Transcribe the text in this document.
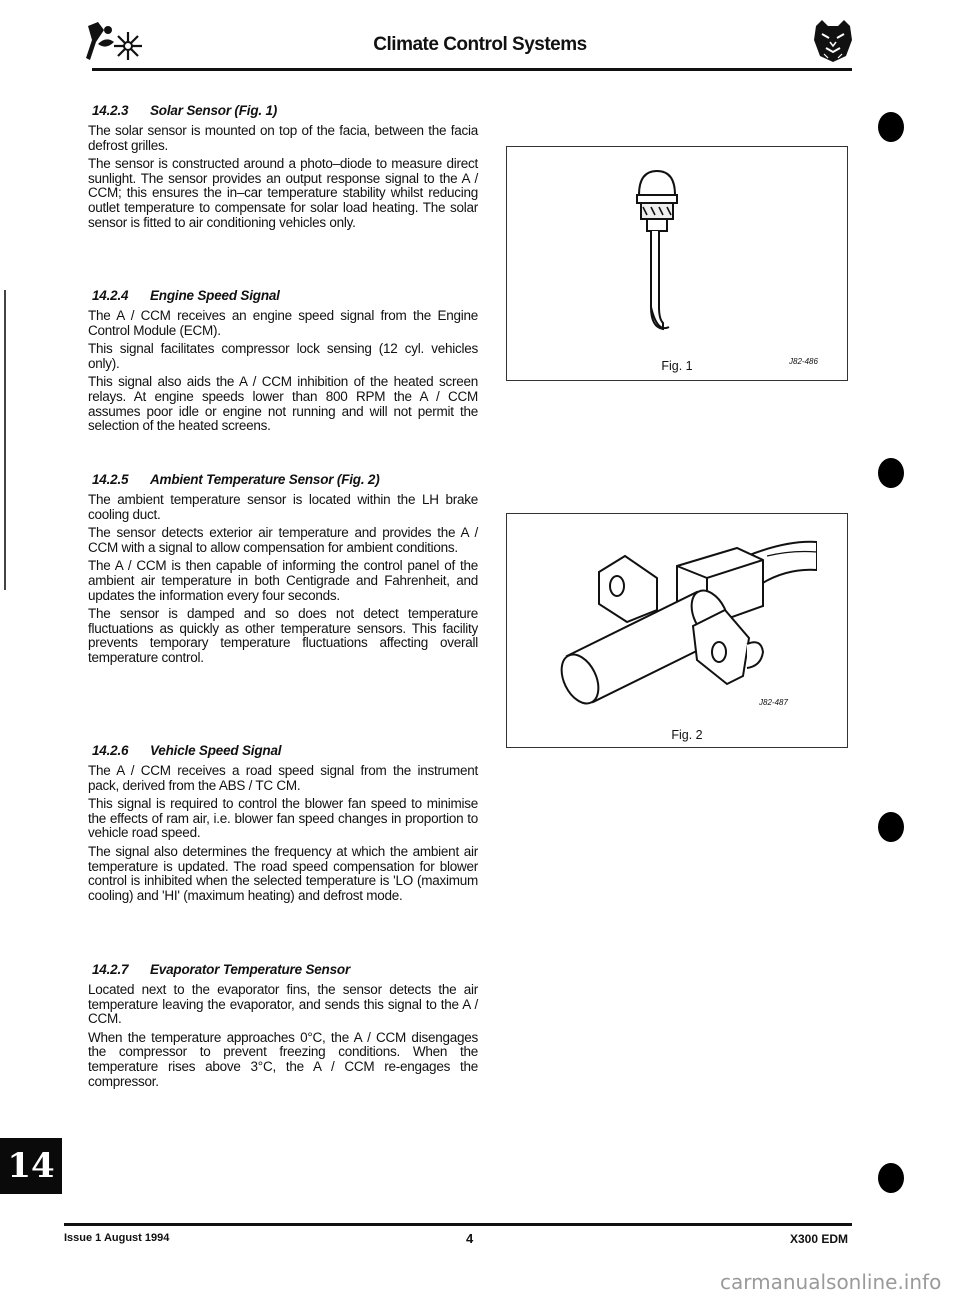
Climate Control Systems
14.2.3 Solar Sensor (Fig. 1)

The solar sensor is mounted on top of the facia, between the facia defrost grilles.

The sensor is constructed around a photo–diode to measure direct sunlight. The sensor provides an output response signal to the A / CCM; this ensures the in–car temperature stability whilst reducing outlet temperature to compensate for solar load heating. The solar sensor is fitted to air conditioning vehicles only.

14.2.4 Engine Speed Signal

The A / CCM receives an engine speed signal from the Engine Control Module (ECM).

This signal facilitates compressor lock sensing (12 cyl. vehicles only).

This signal also aids the A / CCM inhibition of the heated screen relays. At engine speeds lower than 800 RPM the A / CCM assumes poor idle or engine not running and will not permit the selection of the heated screens.

14.2.5 Ambient Temperature Sensor (Fig. 2)

The ambient temperature sensor is located within the LH brake cooling duct.

The sensor detects exterior air temperature and provides the A / CCM with a signal to allow compensation for ambient conditions.

The A / CCM is then capable of informing the control panel of the ambient air temperature in both Centigrade and Fahrenheit, and updates the information every four seconds.

The sensor is damped and so does not detect temperature fluctuations as quickly as other temperature sensors. This facility prevents temporary temperature fluctuations affecting overall temperature control.

14.2.6 Vehicle Speed Signal

The A / CCM receives a road speed signal from the instrument pack, derived from the ABS / TC CM.

This signal is required to control the blower fan speed to minimise the effects of ram air, i.e. blower fan speed changes in proportion to vehicle road speed.

The signal also determines the frequency at which the ambient air temperature is updated. The road speed compensation for blower control is inhibited when the selected temperature is 'LO (maximum cooling) and 'HI' (maximum heating) and defrost mode.

14.2.7 Evaporator Temperature Sensor

Located next to the evaporator fins, the sensor detects the air temperature leaving the evaporator, and sends this signal to the A / CCM.

When the temperature approaches 0°C, the A / CCM disengages the compressor to prevent freezing conditions. When the temperature rises above 3°C, the A / CCM re-engages the compressor.

J82-486
Fig. 1
J82-487
Fig. 2
14
Issue 1 August 1994	4	X300 EDM
carmanualsonline.info
